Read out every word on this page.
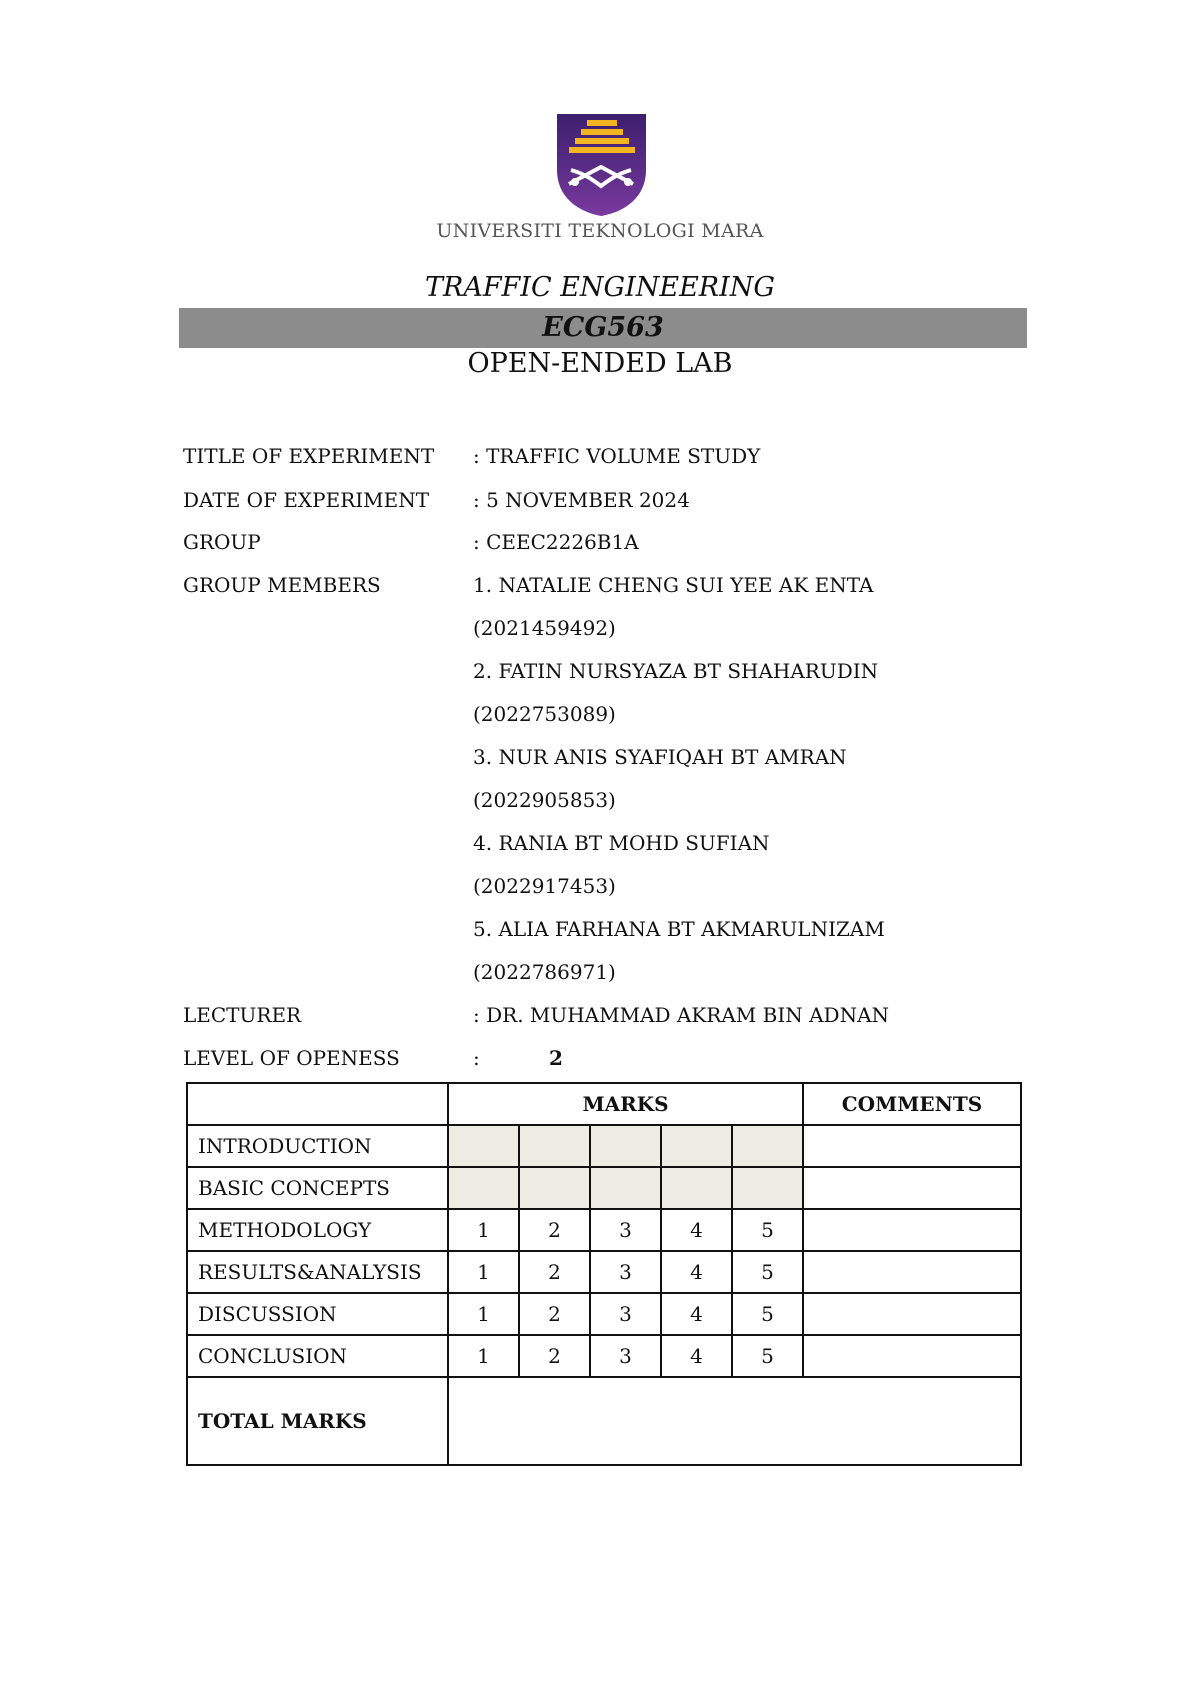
UNIVERSITI TEKNOLOGI MARA
TRAFFIC ENGINEERING
ECG563
OPEN-ENDED LAB
TITLE OF EXPERIMENT	: TRAFFIC VOLUME STUDY
DATE OF EXPERIMENT	: 5 NOVEMBER 2024
GROUP	: CEEC2226B1A
GROUP MEMBERS	1. NATALIE CHENG SUI YEE AK ENTA
(2021459492)
2. FATIN NURSYAZA BT SHAHARUDIN
(2022753089)
3. NUR ANIS SYAFIQAH BT AMRAN
(2022905853)
4. RANIA BT MOHD SUFIAN
(2022917453)
5. ALIA FARHANA BT AKMARULNIZAM
(2022786971)
LECTURER	: DR. MUHAMMAD AKRAM BIN ADNAN
LEVEL OF OPENESS	:	2
	MARKS					COMMENTS
INTRODUCTION						
BASIC CONCEPTS						
METHODOLOGY	1	2	3	4	5	
RESULTS&ANALYSIS	1	2	3	4	5	
DISCUSSION	1	2	3	4	5	
CONCLUSION	1	2	3	4	5	
TOTAL MARKS						
